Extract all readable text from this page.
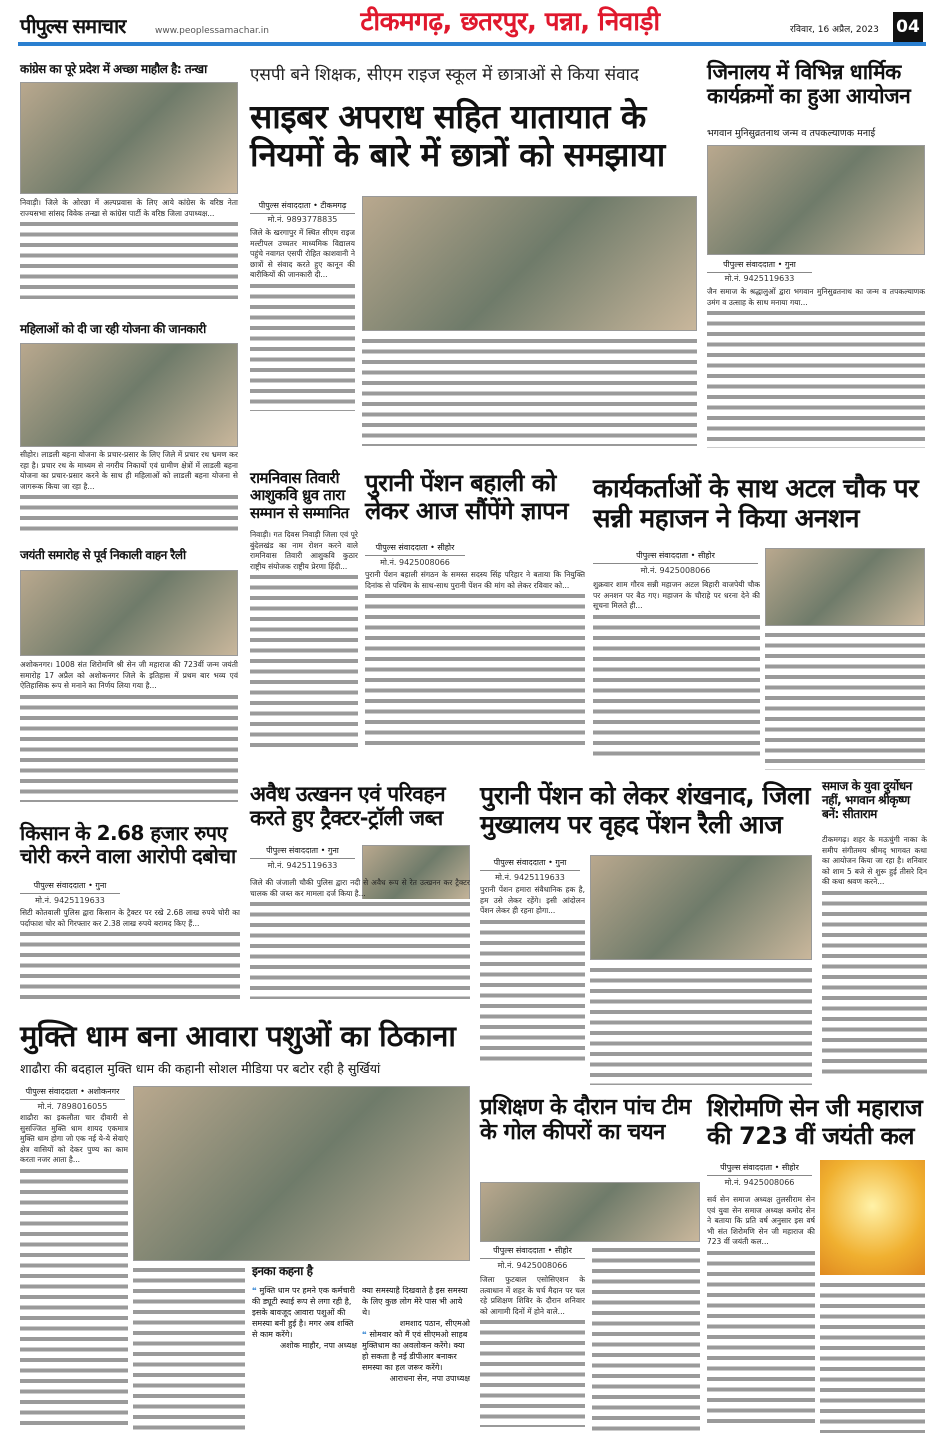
पीपुल्स समाचार	www.peoplessamachar.in	टीकमगढ़, छतरपुर, पन्ना, निवाड़ी	रविवार, 16 अप्रैल, 2023 04
कांग्रेस का पूरे प्रदेश में अच्छा माहौल है: तन्खा
निवाड़ी। जिले के ओरछा में अल्पप्रवास के लिए आये कांग्रेस के वरिष्ठ नेता राज्यसभा सांसद विवेक तन्खा से कांग्रेस पार्टी के वरिष्ठ जिला उपाध्यक्ष...
महिलाओं को दी जा रही योजना की जानकारी
सीहोर। लाडली बहना योजना के प्रचार-प्रसार के लिए जिले में प्रचार रथ भ्रमण कर रहा है। प्रचार रथ के माध्यम से नगरीय निकायों एवं ग्रामीण क्षेत्रों में लाडली बहना योजना का प्रचार-प्रसार करने के साथ ही महिलाओं को लाडली बहना योजना से जागरूक किया जा रहा है...
जयंती समारोह से पूर्व निकाली वाहन रैली
अशोकनगर। 1008 संत शिरोमणि श्री सेन जी महाराज की 723वीं जन्म जयंती समारोह 17 अप्रैल को अशोकनगर जिले के इतिहास में प्रथम बार भव्य एवं ऐतिहासिक रूप से मनाने का निर्णय लिया गया है...
किसान के 2.68 हजार रुपए चोरी करने वाला आरोपी दबोचा
पीपुल्स संवाददाता • गुना
मो.नं. 9425119633
सिटी कोतवाली पुलिस द्वारा किसान के ट्रैक्टर पर रखे 2.68 लाख रुपये चोरी का पर्दाफाश चोर को गिरफ्तार कर 2.38 लाख रुपये बरामद किए हैं...
एसपी बने शिक्षक, सीएम राइज स्कूल में छात्राओं से किया संवाद
साइबर अपराध सहित यातायात के नियमों के बारे में छात्रों को समझाया
पीपुल्स संवाददाता • टीकमगढ़
मो.नं. 9893778835
जिले के खरगापुर में स्थित सीएम राइज मल्टीपल उच्चतर माध्यमिक विद्यालय पहुंचे नवागत एसपी रोहित काशवानी ने छात्रों से संवाद करते हुए कानून की बारीकियों की जानकारी दी...
जिनालय में विभिन्न धार्मिक कार्यक्रमों का हुआ आयोजन
भगवान मुनिसुव्रतनाथ जन्म व तपकल्याणक मनाई
पीपुल्स संवाददाता • गुना
मो.नं. 9425119633
जैन समाज के श्रद्धालुओं द्वारा भगवान मुनिसुव्रतनाथ का जन्म व तपकल्याणक उमंग व उत्साह के साथ मनाया गया...
रामनिवास तिवारी आशुकवि ध्रुव तारा सम्मान से सम्मानित
निवाड़ी। गत दिवस निवाड़ी जिला एवं पूरे बुंदेलखंड का नाम रोशन करने वाले रामनिवास तिवारी आशुकवि कुठार राष्ट्रीय संयोजक राष्ट्रीय प्रेरणा हिंदी...
पुरानी पेंशन बहाली को लेकर आज सौंपेंगे ज्ञापन
पीपुल्स संवाददाता • सीहोर
मो.नं. 9425008066
पुरानी पेंशन बहाली संगठन के समस्त सदस्य सिंह परिहार ने बताया कि नियुक्ति दिनांक से पश्चिम के साथ-साथ पुरानी पेंशन की मांग को लेकर रविवार को...
कार्यकर्ताओं के साथ अटल चौक पर सन्नी महाजन ने किया अनशन
पीपुल्स संवाददाता • सीहोर
मो.नं. 9425008066
शुक्रवार शाम गौरव सन्नी महाजन अटल बिहारी वाजपेयी चौक पर अनशन पर बैठ गए। महाजन के चौराहे पर धरना देने की सूचना मिलते ही...
अवैध उत्खनन एवं परिवहन करते हुए ट्रैक्टर-ट्रॉली जब्त
पीपुल्स संवाददाता • गुना
मो.नं. 9425119633
जिले की जंजाली चौकी पुलिस द्वारा नदी से अवैध रूप से रेत उत्खनन कर ट्रैक्टर चालक की जब्त कर मामला दर्ज किया है...
पुरानी पेंशन को लेकर शंखनाद, जिला मुख्यालय पर वृहद पेंशन रैली आज
पीपुल्स संवाददाता • गुना
मो.नं. 9425119633
पुरानी पेंशन हमारा संवैधानिक हक है, हम उसे लेकर रहेंगे। इसी आंदोलन पेंशन लेकर ही रहना होगा...
समाज के युवा दुर्योधन नहीं, भगवान श्रीकृष्ण बनें: सीताराम
टीकमगढ़। शहर के मऊचुंगी नाका के समीप संगीतमय श्रीमद् भागवत कथा का आयोजन किया जा रहा है। शनिवार को शाम 5 बजे से शुरू हुई तीसरे दिन की कथा श्रवण करने...
मुक्ति धाम बना आवारा पशुओं का ठिकाना
शाढौरा की बदहाल मुक्ति धाम की कहानी सोशल मीडिया पर बटोर रही है सुर्खियां
पीपुल्स संवाददाता • अशोकनगर
मो.नं. 7898016055
शाढौरा का इकलौता चार दीवारी से सुसज्जित मुक्ति धाम शायद एकमात्र मुक्ति धाम होगा जो एक नई ये-ये सेवाएं क्षेत्र वासियों को देकर पुण्य का काम करता नजर आता है...
इनका कहना है
❝ मुक्ति धाम पर हमने एक कर्मचारी की ड्यूटी स्थाई रूप से लगा रही है, इसके बावजूद आवारा पशुओं की समस्या बनी हुई है। मगर अब शक्ति से काम करेंगे।
अशोक माहौर, नपा अध्यक्ष
क्या समस्याहै दिखवाते है इस समस्या के लिए कुछ लोग मेरे पास भी आये थे।
शमशाद पठान, सीएमओ
❝ सोमवार को मैं एवं सीएमओ साहब मुक्तिधाम का अवलोकन करेंगे। क्या हो सकता है नई डीपीआर बनाकर समस्या का हल जरूर करेंगे।
आराधना सेन, नपा उपाध्यक्ष
प्रशिक्षण के दौरान पांच टीम के गोल कीपरों का चयन
पीपुल्स संवाददाता • सीहोर
मो.नं. 9425008066
जिला फुटबाल एसोसिएशन के तत्वाधान में शहर के चर्च मैदान पर चल रहे प्रशिक्षण शिविर के दौरान शनिवार को आगामी दिनों में होने वाले...
शिरोमणि सेन जी महाराज की 723 वीं जयंती कल
पीपुल्स संवाददाता • सीहोर
मो.नं. 9425008066
सर्व सेन समाज अध्यक्ष तुलसीराम सेन एवं युवा सेन समाज अध्यक्ष कमोद सेन ने बताया कि प्रति वर्ष अनुसार इस वर्ष भी संत शिरोमणि सेन जी महाराज की 723 वीं जयंती कल...
